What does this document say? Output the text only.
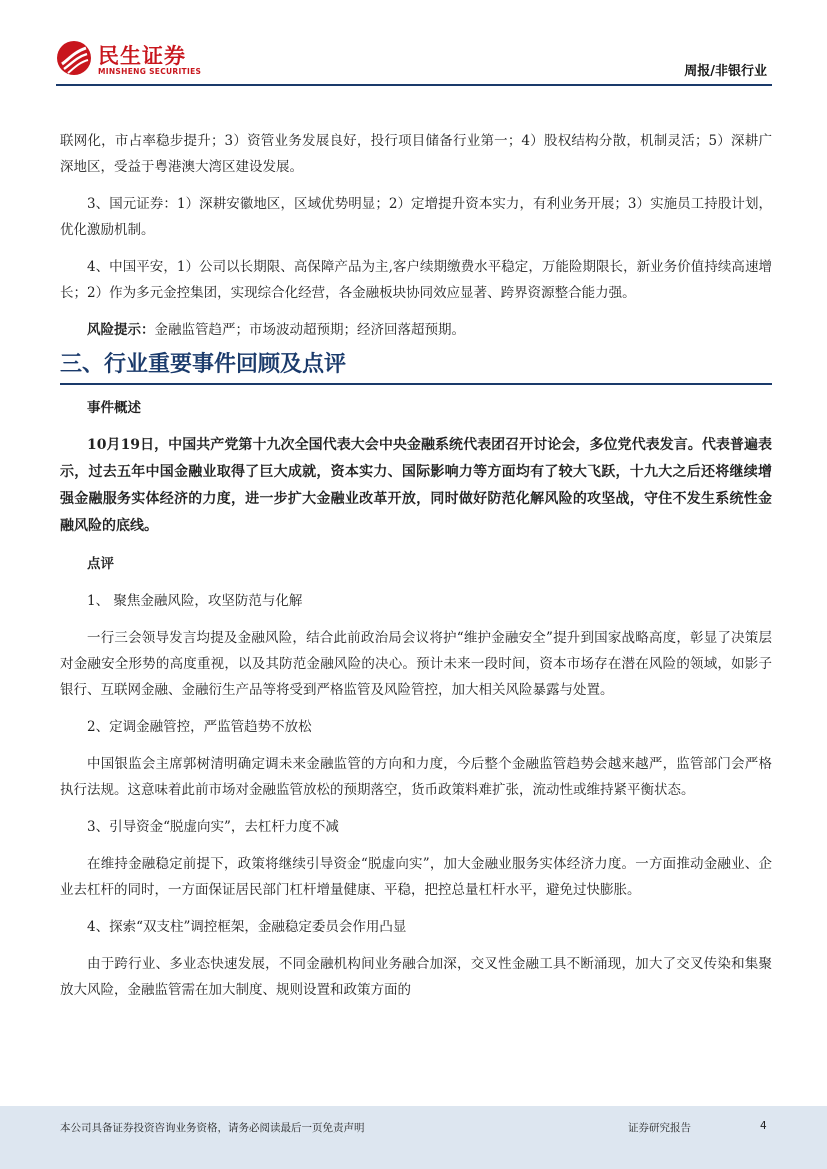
民生证券
MINSHENG SECURITIES	周报/非银行业

联网化，市占率稳步提升；3）资管业务发展良好，投行项目储备行业第一；4）股权结构分散，机制灵活；5）深耕广深地区，受益于粤港澳大湾区建设发展。

3、国元证券：1）深耕安徽地区，区域优势明显；2）定增提升资本实力，有利业务开展；3）实施员工持股计划，优化激励机制。

4、中国平安，1）公司以长期限、高保障产品为主,客户续期缴费水平稳定，万能险期限长，新业务价值持续高速增长；2）作为多元金控集团，实现综合化经营，各金融板块协同效应显著、跨界资源整合能力强。

风险提示：金融监管趋严；市场波动超预期；经济回落超预期。

三、行业重要事件回顾及点评

事件概述

10月19日，中国共产党第十九次全国代表大会中央金融系统代表团召开讨论会，多位党代表发言。代表普遍表示，过去五年中国金融业取得了巨大成就，资本实力、国际影响力等方面均有了较大飞跃，十九大之后还将继续增强金融服务实体经济的力度，进一步扩大金融业改革开放，同时做好防范化解风险的攻坚战，守住不发生系统性金融风险的底线。

点评

1、 聚焦金融风险，攻坚防范与化解

一行三会领导发言均提及金融风险，结合此前政治局会议将护“维护金融安全”提升到国家战略高度，彰显了决策层对金融安全形势的高度重视，以及其防范金融风险的决心。预计未来一段时间，资本市场存在潜在风险的领域，如影子银行、互联网金融、金融衍生产品等将受到严格监管及风险管控，加大相关风险暴露与处置。

2、定调金融管控，严监管趋势不放松

中国银监会主席郭树清明确定调未来金融监管的方向和力度，今后整个金融监管趋势会越来越严，监管部门会严格执行法规。这意味着此前市场对金融监管放松的预期落空，货币政策料难扩张，流动性或维持紧平衡状态。

3、引导资金“脱虚向实”，去杠杆力度不减

在维持金融稳定前提下，政策将继续引导资金“脱虚向实”，加大金融业服务实体经济力度。一方面推动金融业、企业去杠杆的同时，一方面保证居民部门杠杆增量健康、平稳，把控总量杠杆水平，避免过快膨胀。

4、探索“双支柱”调控框架，金融稳定委员会作用凸显

由于跨行业、多业态快速发展，不同金融机构间业务融合加深，交叉性金融工具不断涌现，加大了交叉传染和集聚放大风险，金融监管需在加大制度、规则设置和政策方面的

本公司具备证券投资咨询业务资格，请务必阅读最后一页免责声明	证券研究报告	4
